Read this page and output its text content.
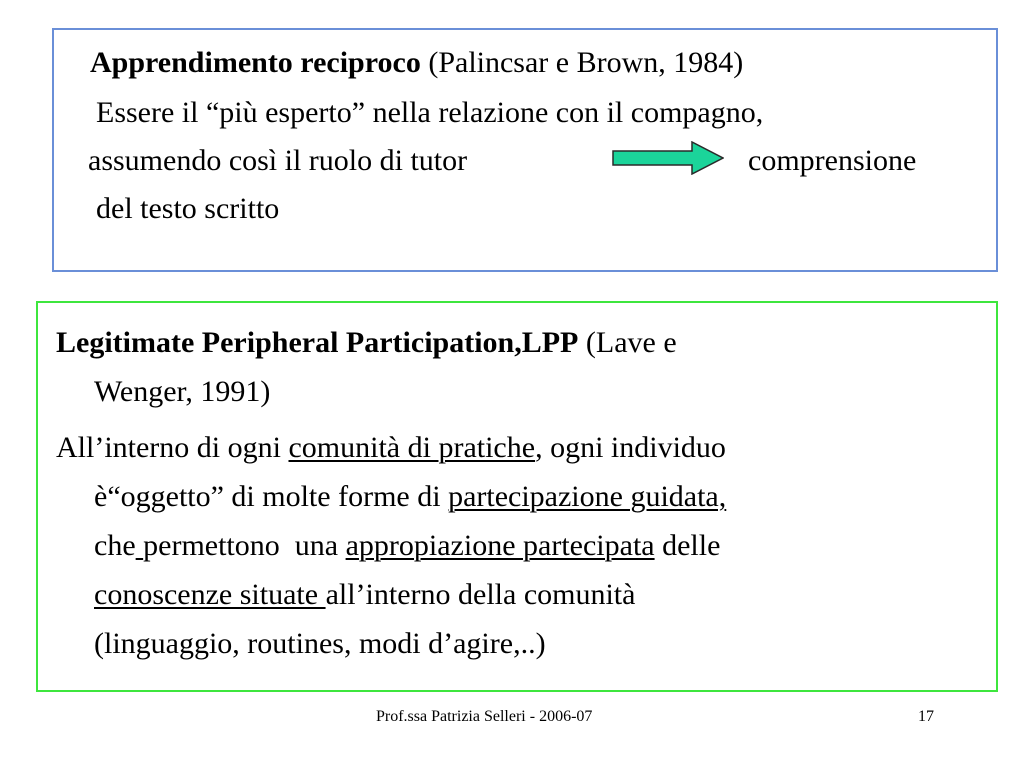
Apprendimento reciproco (Palincsar e Brown, 1984)
Essere il “più esperto” nella relazione con il compagno,
assumendo così il ruolo di tutor	comprensione
del testo scritto
Legitimate Peripheral Participation,LPP (Lave e
Wenger, 1991)
All’interno di ogni comunità di pratiche, ogni individuo
è“oggetto” di molte forme di partecipazione guidata,
che permettono  una appropiazione partecipata delle
conoscenze situate all’interno della comunità
(linguaggio, routines, modi d’agire,..)
Prof.ssa Patrizia Selleri - 2006-07	17
